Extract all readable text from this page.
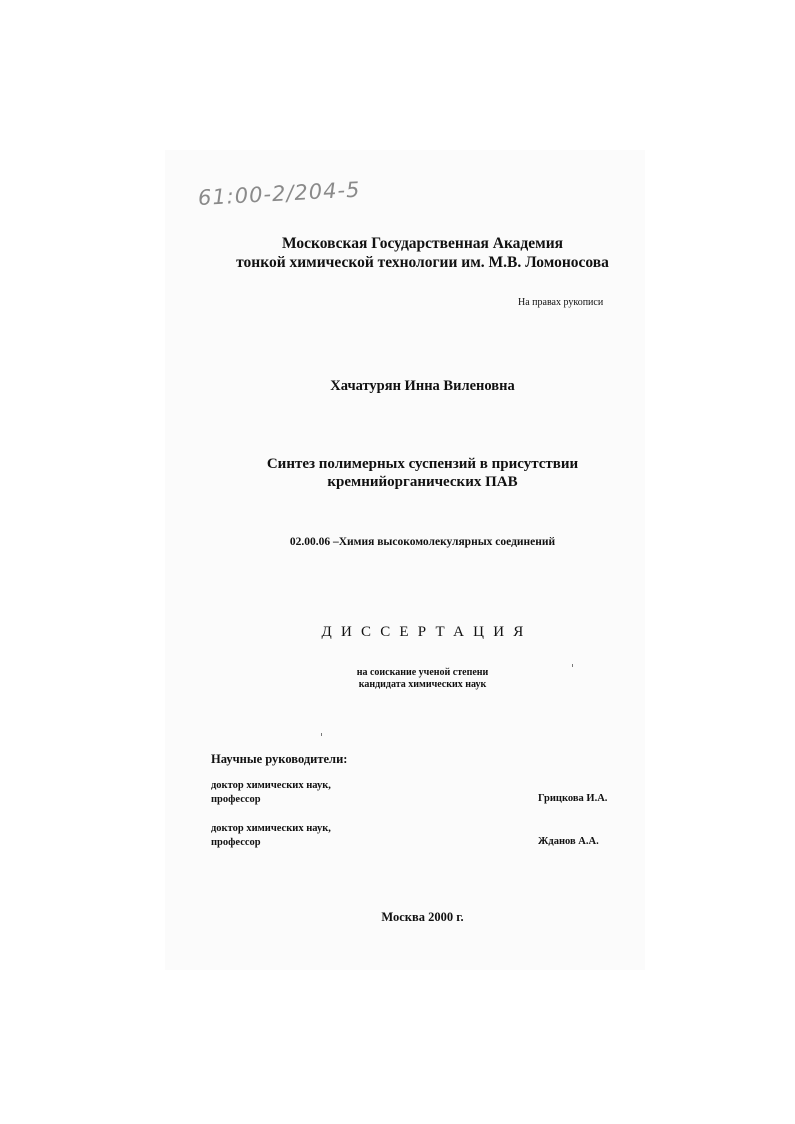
61:00-2/204-5
Московская Государственная Академия
тонкой химической технологии им. М.В. Ломоносова
На правах рукописи
Хачатурян Инна Виленовна
Синтез полимерных суспензий в присутствии
кремнийорганических ПАВ
02.00.06 –Химия высокомолекулярных соединений
ДИССЕРТАЦИЯ
на соискание ученой степени
кандидата химических наук
Научные руководители:
доктор химических наук,
профессор	Грицкова И.А.
доктор химических наук,
профессор	Жданов А.А.
Москва 2000 г.
